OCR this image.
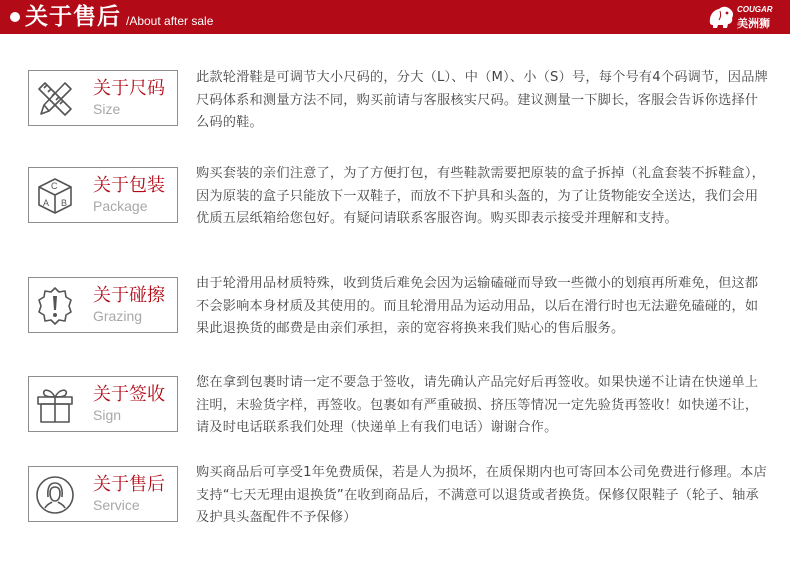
关于售后 /About after sale
COUGAR
美洲狮
关于尺码
Size
此款轮滑鞋是可调节大小尺码的，分大（L）、中（M）、小（S）号，每个号有4个码调节，因品牌尺码体系和测量方法不同，购买前请与客服核实尺码。建议测量一下脚长，客服会告诉你选择什么码的鞋。
C
A B
关于包装
Package
购买套装的亲们注意了，为了方便打包，有些鞋款需要把原装的盒子拆掉（礼盒套装不拆鞋盒），因为原装的盒子只能放下一双鞋子，而放不下护具和头盔的，为了让货物能安全送达，我们会用优质五层纸箱给您包好。有疑问请联系客服咨询。购买即表示接受并理解和支持。
关于碰擦
Grazing
由于轮滑用品材质特殊，收到货后难免会因为运输磕碰而导致一些微小的划痕再所难免，但这都不会影响本身材质及其使用的。而且轮滑用品为运动用品，以后在滑行时也无法避免磕碰的，如果此退换货的邮费是由亲们承担，亲的宽容将换来我们贴心的售后服务。
关于签收
Sign
您在拿到包裹时请一定不要急于签收，请先确认产品完好后再签收。如果快递不让请在快递单上注明，末验货字样，再签收。包裹如有严重破损、挤压等情况一定先验货再签收！如快递不让，请及时电话联系我们处理（快递单上有我们电话）谢谢合作。
关于售后
Service
购买商品后可享受1年免费质保，若是人为损坏，在质保期内也可寄回本公司免费进行修理。本店支持“七天无理由退换货”在收到商品后，不满意可以退货或者换货。保修仅限鞋子（轮子、轴承及护具头盔配件不予保修）
